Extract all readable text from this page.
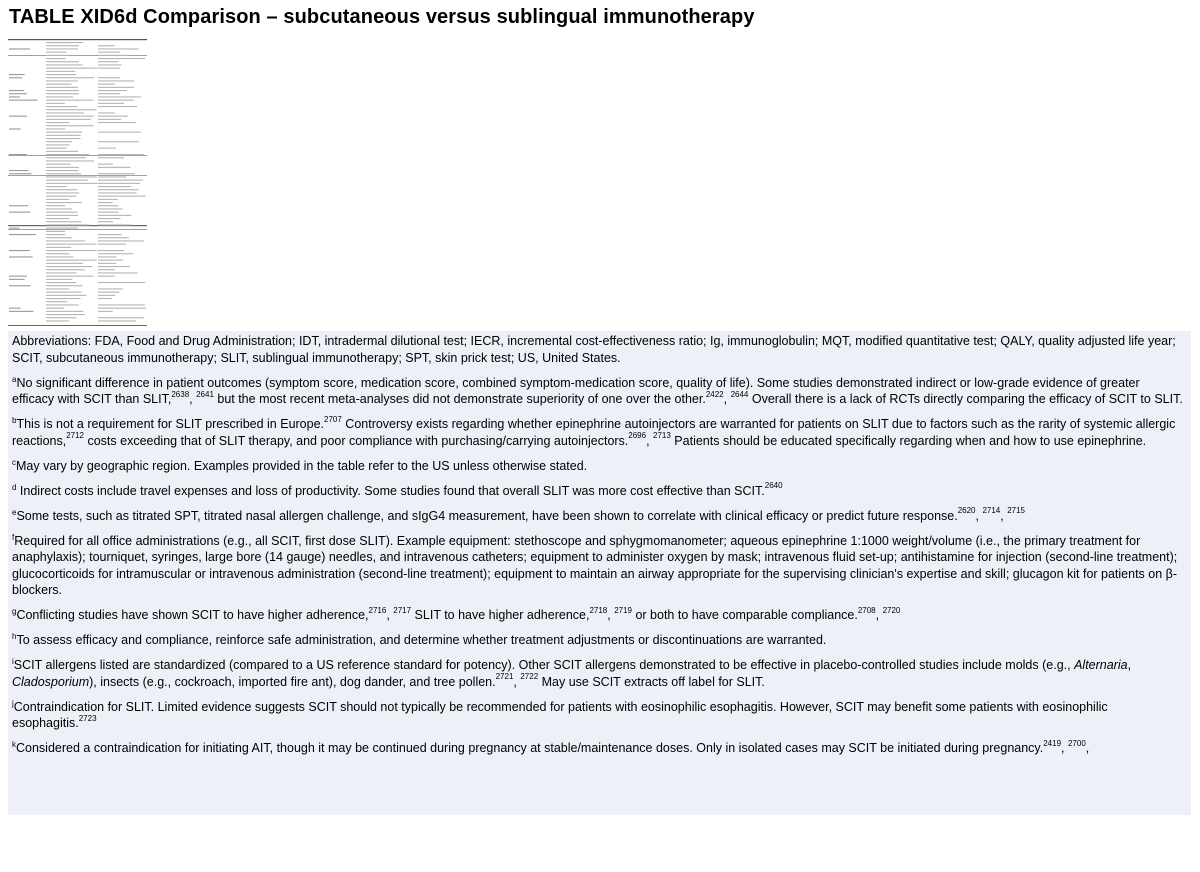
TABLE XID6d Comparison – subcutaneous versus sublingual immunotherapy

Abbreviations: FDA, Food and Drug Administration; IDT, intradermal dilutional test; IECR, incremental cost-effectiveness ratio; Ig, immunoglobulin; MQT, modified quantitative test; QALY, quality adjusted life year; SCIT, subcutaneous immunotherapy; SLIT, sublingual immunotherapy; SPT, skin prick test; US, United States.

$^a$No significant difference in patient outcomes (symptom score, medication score, combined symptom-medication score, quality of life). Some studies demonstrated indirect or low-grade evidence of greater efficacy with SCIT than SLIT,$^{2638}$, $^{2641}$ but the most recent meta-analyses did not demonstrate superiority of one over the other.$^{2422}$, $^{2644}$ Overall there is a lack of RCTs directly comparing the efficacy of SCIT to SLIT.

$^b$This is not a requirement for SLIT prescribed in Europe.$^{2707}$ Controversy exists regarding whether epinephrine autoinjectors are warranted for patients on SLIT due to factors such as the rarity of systemic allergic reactions,$^{2712}$ costs exceeding that of SLIT therapy, and poor compliance with purchasing/carrying autoinjectors.$^{2696}$, $^{2713}$ Patients should be educated specifically regarding when and how to use epinephrine.

$^c$May vary by geographic region. Examples provided in the table refer to the US unless otherwise stated.

$^d$ Indirect costs include travel expenses and loss of productivity. Some studies found that overall SLIT was more cost effective than SCIT.$^{2640}$

$^e$Some tests, such as titrated SPT, titrated nasal allergen challenge, and sIgG4 measurement, have been shown to correlate with clinical efficacy or predict future response.$^{2620}$, $^{2714}$, $^{2715}$

$^f$Required for all office administrations (e.g., all SCIT, first dose SLIT). Example equipment: stethoscope and sphygmomanometer; aqueous epinephrine 1:1000 weight/volume (i.e., the primary treatment for anaphylaxis); tourniquet, syringes, large bore (14 gauge) needles, and intravenous catheters; equipment to administer oxygen by mask; intravenous fluid set-up; antihistamine for injection (second-line treatment); glucocorticoids for intramuscular or intravenous administration (second-line treatment); equipment to maintain an airway appropriate for the supervising clinician's expertise and skill; glucagon kit for patients on β-blockers.

$^g$Conflicting studies have shown SCIT to have higher adherence,$^{2716}$, $^{2717}$ SLIT to have higher adherence,$^{2718}$, $^{2719}$ or both to have comparable compliance.$^{2708}$, $^{2720}$

$^h$To assess efficacy and compliance, reinforce safe administration, and determine whether treatment adjustments or discontinuations are warranted.

$^i$SCIT allergens listed are standardized (compared to a US reference standard for potency). Other SCIT allergens demonstrated to be effective in placebo-controlled studies include molds (e.g., Alternaria, Cladosporium), insects (e.g., cockroach, imported fire ant), dog dander, and tree pollen.$^{2721}$, $^{2722}$ May use SCIT extracts off label for SLIT.

$^j$Contraindication for SLIT. Limited evidence suggests SCIT should not typically be recommended for patients with eosinophilic esophagitis. However, SCIT may benefit some patients with eosinophilic esophagitis.$^{2723}$

$^k$Considered a contraindication for initiating AIT, though it may be continued during pregnancy at stable/maintenance doses. Only in isolated cases may SCIT be initiated during pregnancy.$^{2419}$, $^{2700}$,
